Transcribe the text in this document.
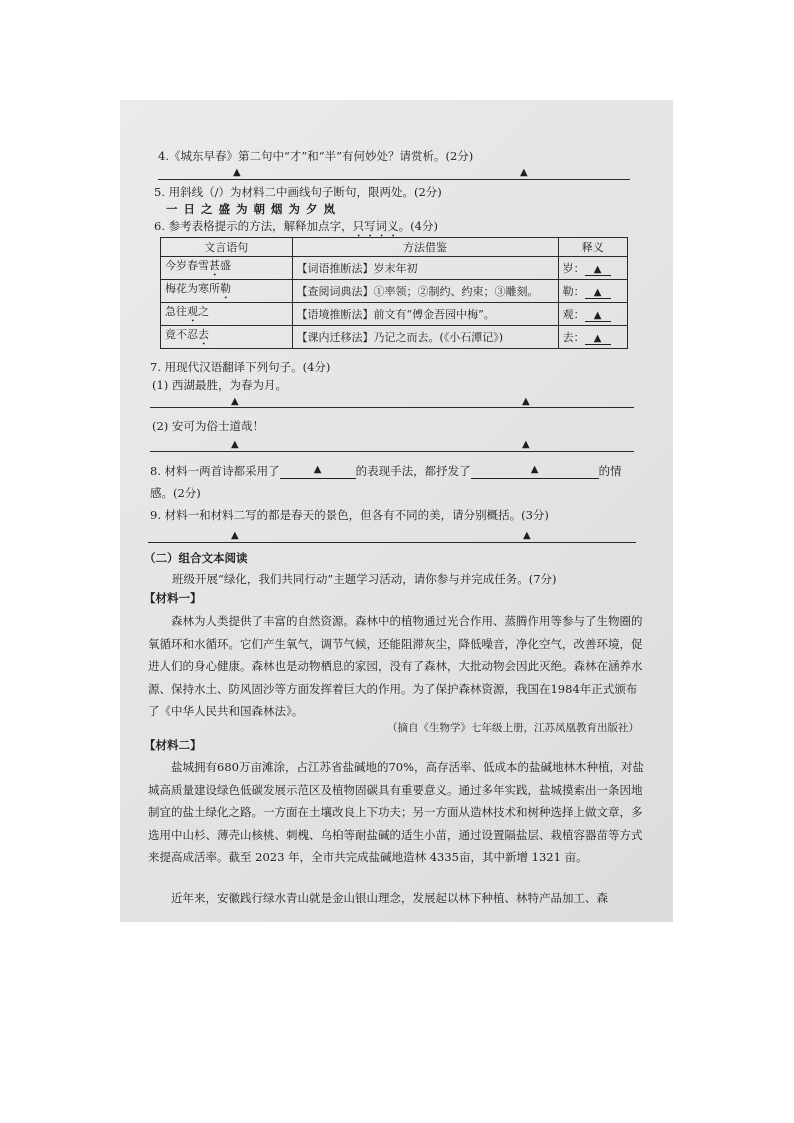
4.《城东早春》第二句中“才”和“半”有何妙处？请赏析。(2分)
▲	▲
5. 用斜线（/）为材料二中画线句子断句，限两处。(2分)
一 日 之 盛 为 朝 烟 为 夕 岚
6. 参考表格提示的方法，解释加点字，只写词义。(4分)
文言语句	方法借鉴	释义
今岁春雪甚盛	【词语推断法】岁末年初	岁： ▲
梅花为寒所勒	【查阅词典法】①率领；②制约、约束；③雕刻。	勒： ▲
急往观之	【语境推断法】前文有“傅金吾园中梅”。	观： ▲
竟不忍去	【课内迁移法】乃记之而去。(《小石潭记》)	去： ▲
7. 用现代汉语翻译下列句子。(4分)
(1) 西湖最胜，为春为月。
▲	▲
(2) 安可为俗士道哉！
▲	▲
8. 材料一两首诗都采用了	▲	的表现手法，都抒发了	▲	的情
感。(2分)
9. 材料一和材料二写的都是春天的景色，但各有不同的美，请分别概括。(3分)
▲	▲
（二）组合文本阅读
班级开展“绿化，我们共同行动”主题学习活动，请你参与并完成任务。(7分)
【材料一】
森林为人类提供了丰富的自然资源。森林中的植物通过光合作用、蒸腾作用等参与了生物圈的氧循环和水循环。它们产生氧气，调节气候，还能阻滞灰尘，降低噪音，净化空气，改善环境，促进人们的身心健康。森林也是动物栖息的家园，没有了森林，大批动物会因此灭绝。森林在涵养水源、保持水土、防风固沙等方面发挥着巨大的作用。为了保护森林资源，我国在1984年正式颁布了《中华人民共和国森林法》。
（摘自《生物学》七年级上册，江苏凤凰教育出版社）
【材料二】
盐城拥有680万亩滩涂，占江苏省盐碱地的70%，高存活率、低成本的盐碱地林木种植，对盐城高质量建设绿色低碳发展示范区及植物固碳具有重要意义。通过多年实践，盐城摸索出一条因地制宜的盐土绿化之路。一方面在土壤改良上下功夫；另一方面从造林技术和树种选择上做文章，多选用中山杉、薄壳山核桃、刺槐、乌桕等耐盐碱的适生小苗，通过设置隔盐层、栽植容器苗等方式来提高成活率。截至 2023 年，全市共完成盐碱地造林 4335亩，其中新增 1321 亩。
近年来，安徽践行绿水青山就是金山银山理念，发展起以林下种植、林特产品加工、森
